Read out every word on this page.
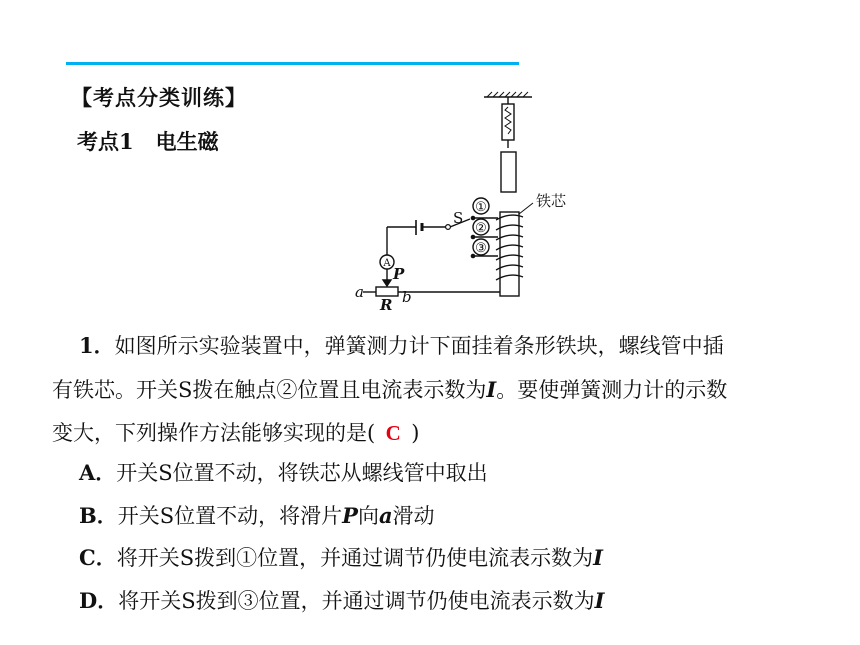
【考点分类训练】
考点1 电生磁
①
②
③
铁芯
S
A
P
a	b
R
1．如图所示实验装置中，弹簧测力计下面挂着条形铁块，螺线管中插
有铁芯。开关S拨在触点②位置且电流表示数为I。要使弹簧测力计的示数
变大，下列操作方法能够实现的是( C )
A．开关S位置不动，将铁芯从螺线管中取出
B．开关S位置不动，将滑片P向a滑动
C．将开关S拨到①位置，并通过调节仍使电流表示数为I
D．将开关S拨到③位置，并通过调节仍使电流表示数为I
